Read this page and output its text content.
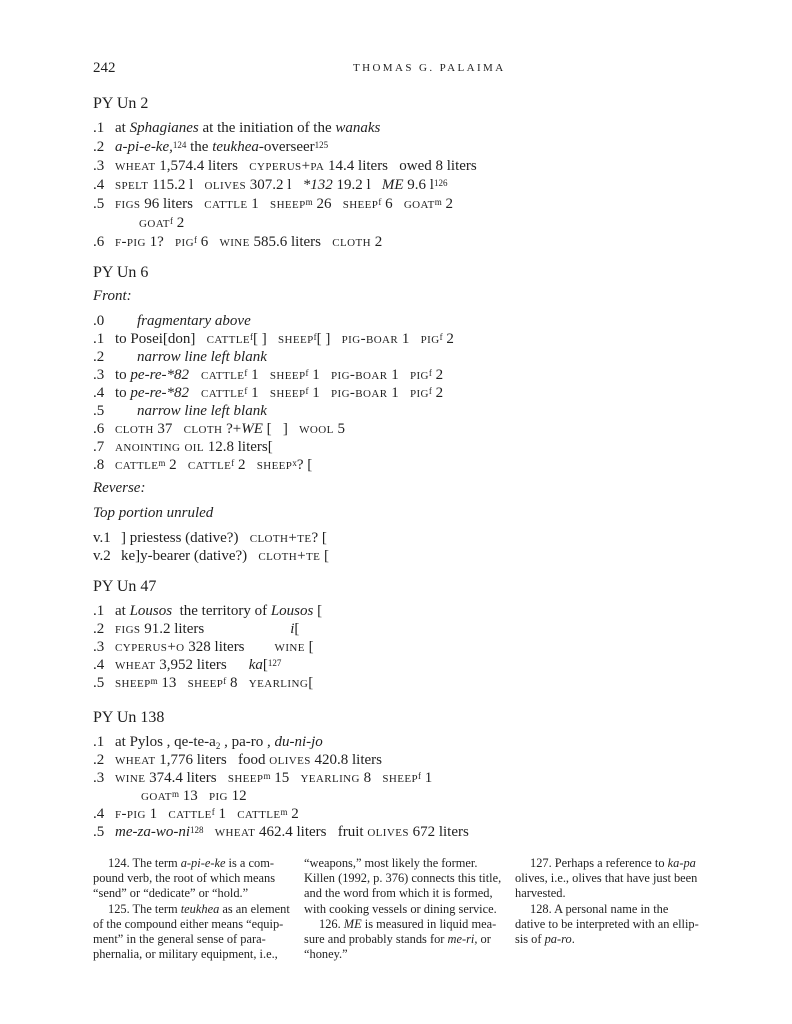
242	THOMAS G. PALAIMA
PY Un 2
.1 at Sphagianes at the initiation of the wanaks
.2 a-pi-e-ke,$^{124}$ the teukhea-overseer$^{125}$
.3 wheat 1,574.4 liters   cyperus+pa 14.4 liters   owed 8 liters
.4 spelt 115.2 l   olives 307.2 l   *132 19.2 l   ME 9.6 $l^{126}$
.5 figs 96 liters   cattle 1   sheep$^m$ 26   sheep$^f$ 6   goat$^m$ 2
goat$^f$ 2
.6 f-pig 1?   pig$^f$ 6   wine 585.6 liters   cloth 2
PY Un 6
Front:
.0 fragmentary above
.1 to Posei[don]   cattle$^f$[ ]   sheep$^f$[ ]   pig-boar 1   pig$^f$ 2
.2 narrow line left blank
.3 to pe-re-*82 cattle$^f$ 1   sheep$^f$ 1   pig-boar 1   pig$^f$ 2
.4 to pe-re-*82 cattle$^f$ 1   sheep$^f$ 1   pig-boar 1   pig$^f$ 2
.5 narrow line left blank
.6 cloth 37   cloth ?+WE [   ]   wool 5
.7 anointing oil 12.8 liters[
.8 cattle$^m$ 2   cattle$^f$ 2   sheep$^x$? [
Reverse:
Top portion unruled
v.1 ] priestess (dative?)   cloth+te? [
v.2 ke]y-bearer (dative?)   cloth+te [
PY Un 47
.1 at Lousos  the territory of Lousos [
.2 figs 91.2 liters	i[
.3 cyperus+o 328 liters wine [
.4 wheat 3,952 liters ka[$^{127}$
.5 sheep$^m$ 13   sheep$^f$ 8   yearling[
PY Un 138
.1 at Pylos , $qe-te-a_2$ , pa-ro , du-ni-jo
.2 wheat 1,776 liters   food olives 420.8 liters
.3 wine 374.4 liters   sheep$^m$ 15   yearling 8   sheep$^f$ 1
goat$^m$ 13   pig 12
.4 f-pig 1   cattle$^f$ 1   cattle$^m$ 2
.5 $me-za-wo-ni^{128}$ wheat 462.4 liters   fruit olives 672 liters

124. The term a-pi-e-ke is a com-

pound verb, the root of which means

“send” or “dedicate” or “hold.”

125. The term teukhea as an element

of the compound either means “equip-

ment” in the general sense of para-

phernalia, or military equipment, i.e.,

“weapons,” most likely the former.

Killen (1992, p. 376) connects this title,

and the word from which it is formed,

with cooking vessels or dining service.

126. ME is measured in liquid mea-

sure and probably stands for me-ri, or

“honey.”

127. Perhaps a reference to ka-pa

olives, i.e., olives that have just been

harvested.

128. A personal name in the

dative to be interpreted with an ellip-

sis of pa-ro.
